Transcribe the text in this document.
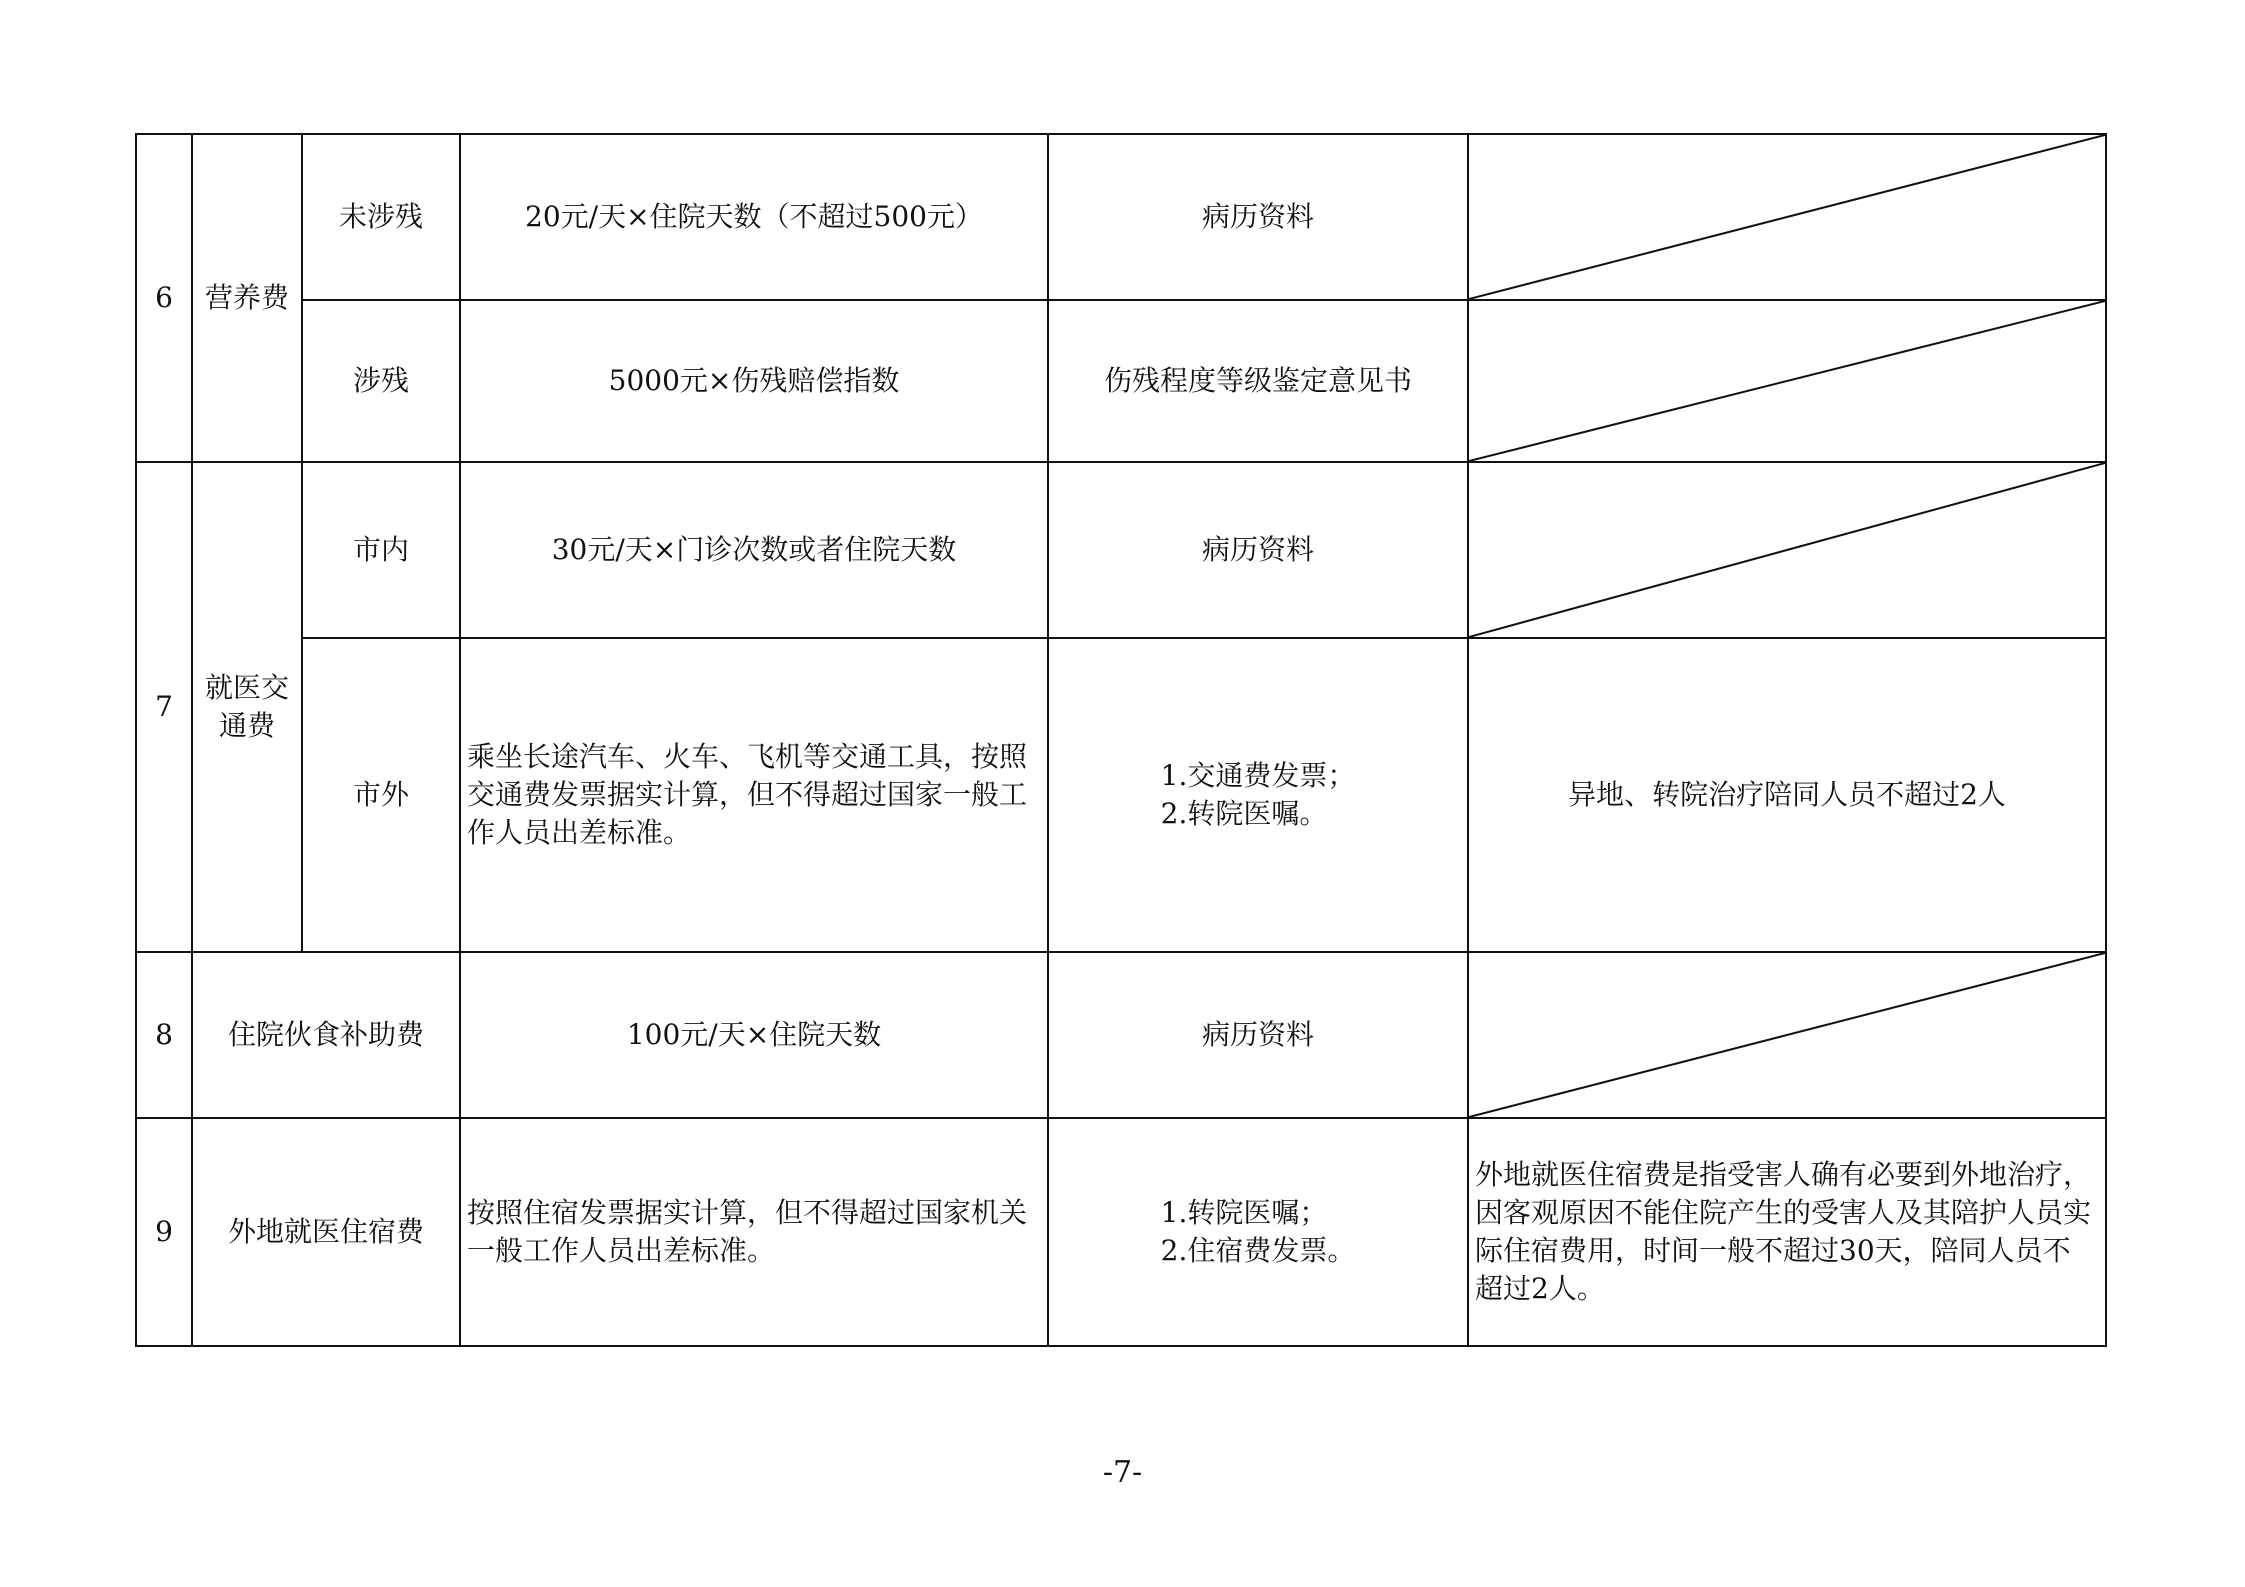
6	营养费	未涉残	20元/天×住院天数（不超过500元）	病历资料	

		涉残	5000元×伤残赔偿指数	伤残程度等级鉴定意见书	

7	就医交通费	市内	30元/天×门诊次数或者住院天数	病历资料	

		市外	乘坐长途汽车、火车、飞机等交通工具，按照交通费发票据实计算，但不得超过国家一般工作人员出差标准。	1.交通费发票；
2.转院医嘱。	异地、转院治疗陪同人员不超过2人
8	住院伙食补助费		100元/天×住院天数	病历资料	

9	外地就医住宿费		按照住宿发票据实计算，但不得超过国家机关一般工作人员出差标准。	1.转院医嘱；
2.住宿费发票。	外地就医住宿费是指受害人确有必要到外地治疗，因客观原因不能住院产生的受害人及其陪护人员实际住宿费用，时间一般不超过30天，陪同人员不超过2人。
-7-
